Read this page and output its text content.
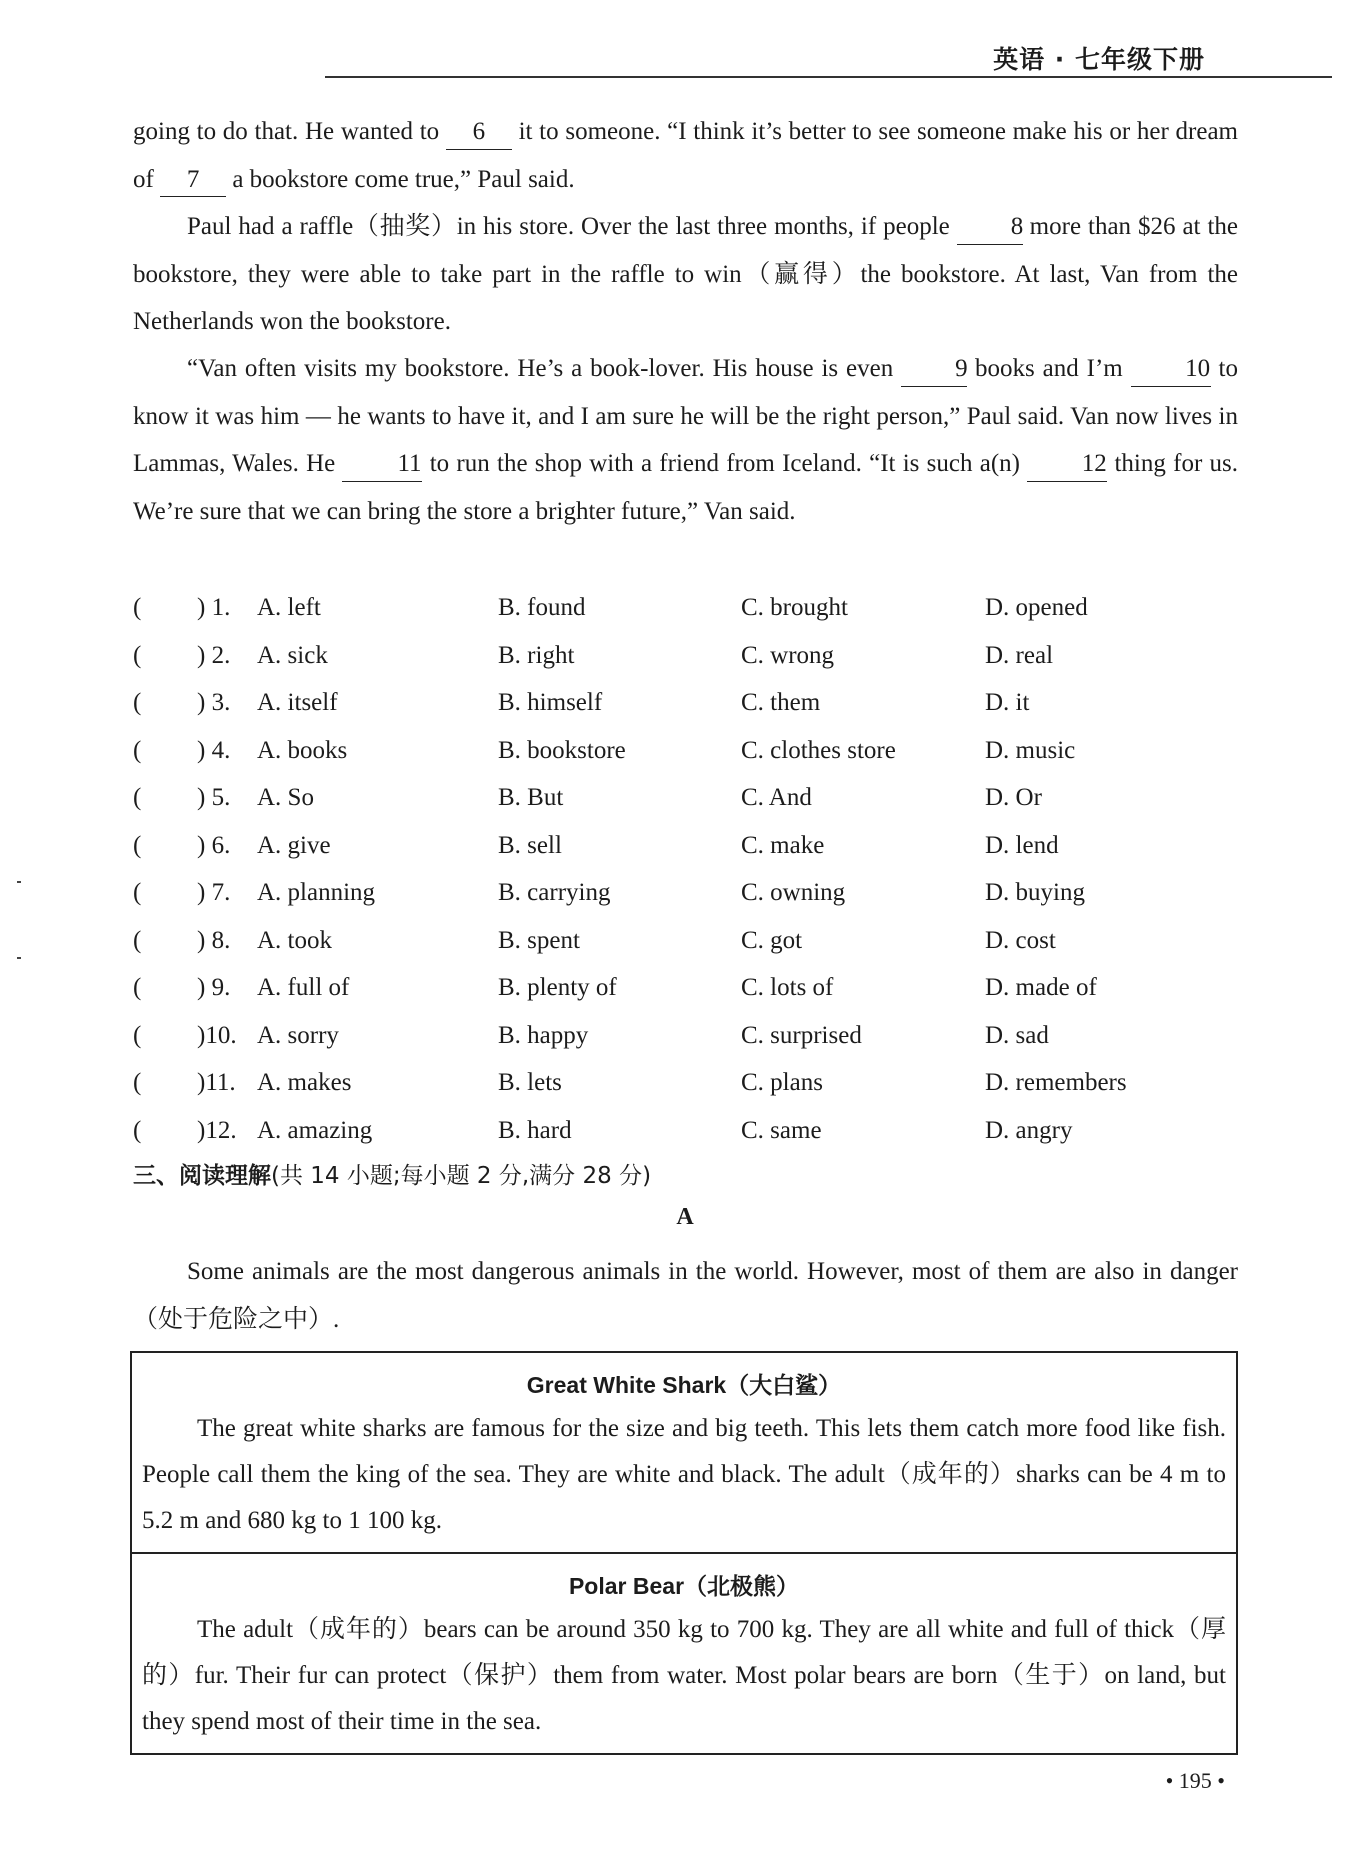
英语 · 七年级下册

going to do that. He wanted to 6 it to someone. “I think it’s better to see someone make his or her dream of 7 a bookstore come true,” Paul said.

Paul had a raffle（抽奖）in his store. Over the last three months, if people 8 more than $26 at the bookstore, they were able to take part in the raffle to win（赢得）the bookstore. At last, Van from the Netherlands won the bookstore.

“Van often visits my bookstore. He’s a book-lover. His house is even 9 books and I’m 10 to know it was him — he wants to have it, and I am sure he will be the right person,” Paul said. Van now lives in Lammas, Wales. He 11 to run the shop with a friend from Iceland. “It is such a(n) 12 thing for us. We’re sure that we can bring the store a brighter future,” Van said.

( ) 1. A. left	B. found	C. brought	D. opened
( ) 2. A. sick	B. right	C. wrong	D. real
( ) 3. A. itself	B. himself	C. them	D. it
( ) 4. A. books	B. bookstore	C. clothes store	D. music
( ) 5. A. So	B. But	C. And	D. Or
( ) 6. A. give	B. sell	C. make	D. lend
( ) 7. A. planning	B. carrying	C. owning	D. buying
( ) 8. A. took	B. spent	C. got	D. cost
( ) 9. A. full of	B. plenty of	C. lots of	D. made of
( )10. A. sorry	B. happy	C. surprised	D. sad
( )11. A. makes	B. lets	C. plans	D. remembers
( )12. A. amazing	B. hard	C. same	D. angry
三、阅读理解(共 14 小题;每小题 2 分,满分 28 分)
A

Some animals are the most dangerous animals in the world. However, most of them are also in danger（处于危险之中）.

Great White Shark（大白鲨）

The great white sharks are famous for the size and big teeth. This lets them catch more food like fish. People call them the king of the sea. They are white and black. The adult（成年的）sharks can be 4 m to 5.2 m and 680 kg to 1 100 kg.

Polar Bear（北极熊）

The adult（成年的）bears can be around 350 kg to 700 kg. They are all white and full of thick（厚的）fur. Their fur can protect（保护）them from water. Most polar bears are born（生于）on land, but they spend most of their time in the sea.

• 195 •
